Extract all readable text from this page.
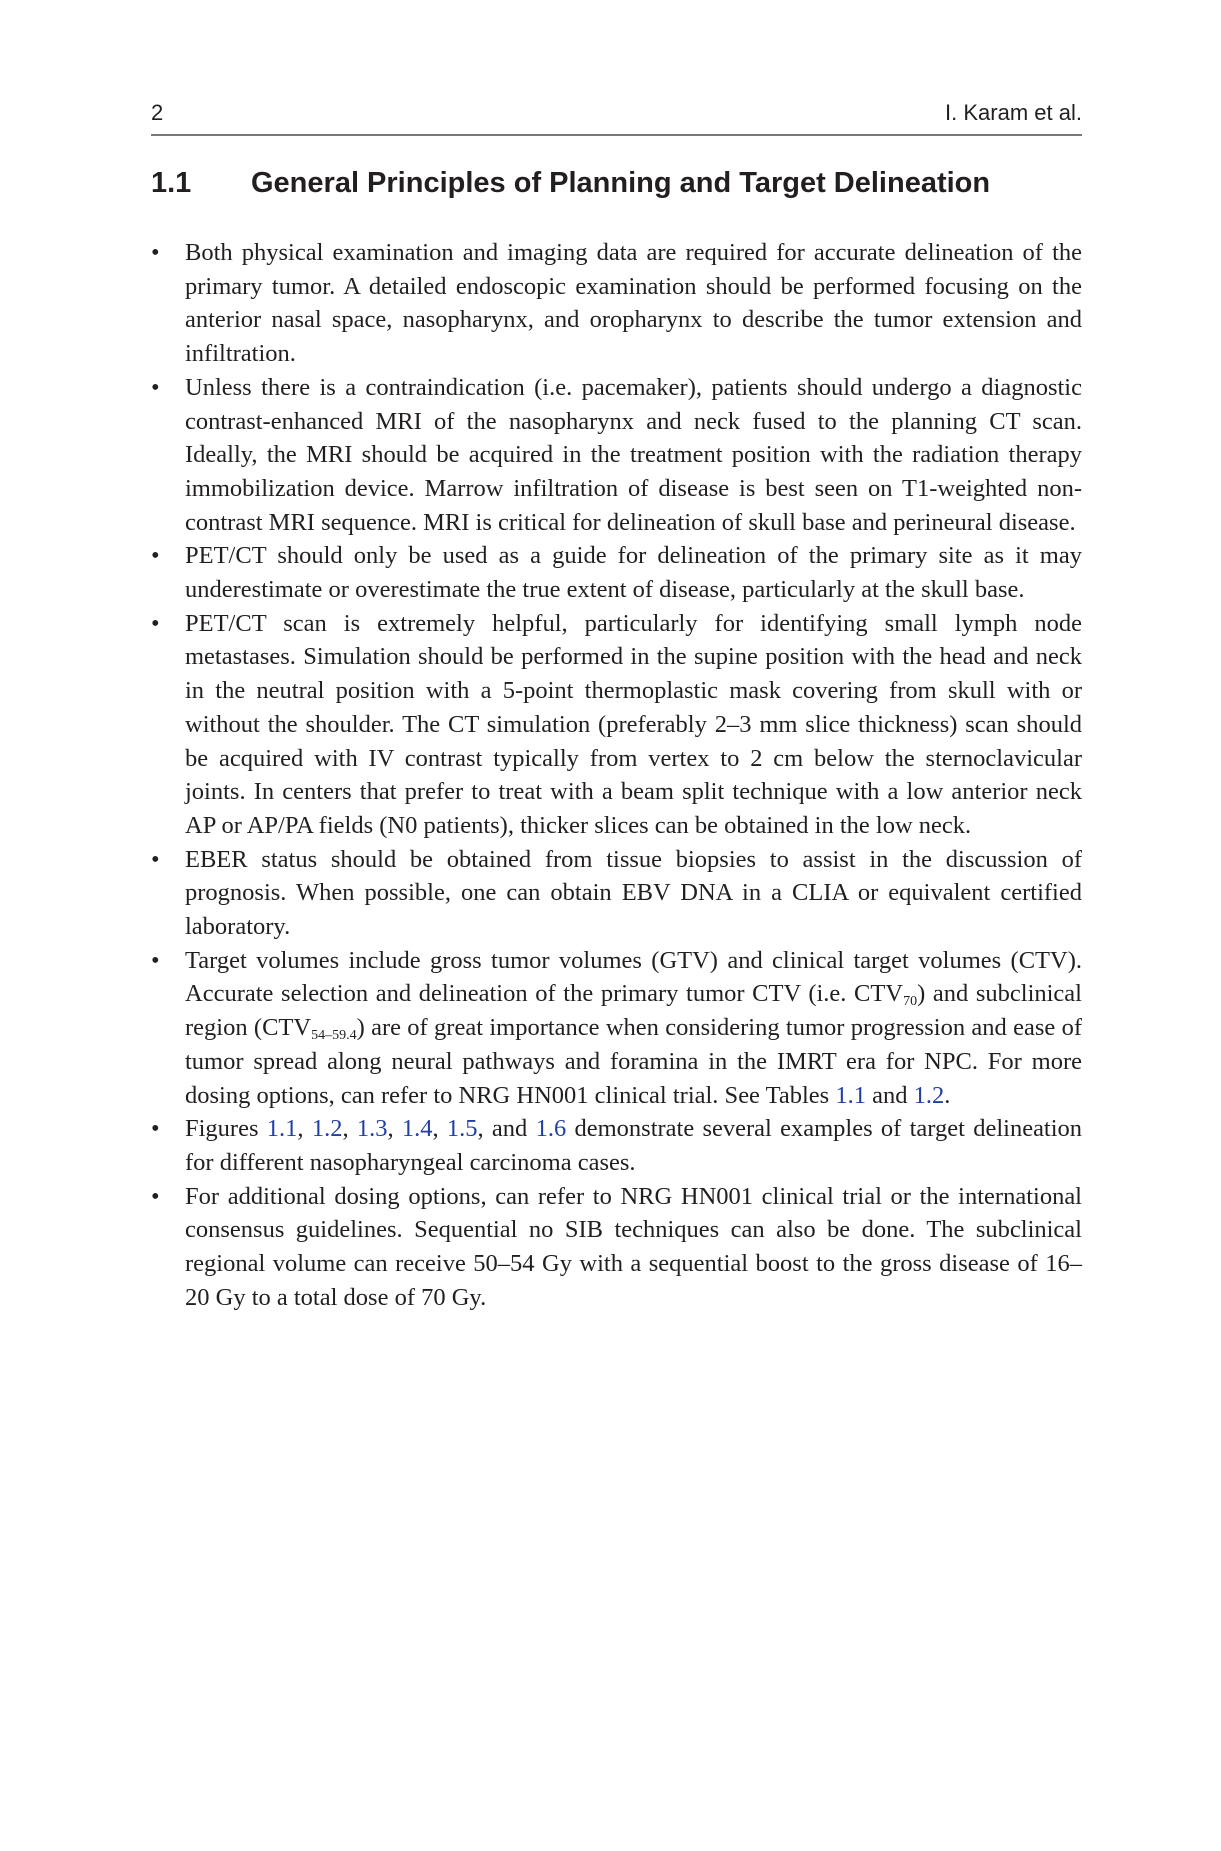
2	I. Karam et al.
1.1 General Principles of Planning and Target Delineation
•	Both physical examination and imaging data are required for accurate delineation of the primary tumor. A detailed endoscopic examination should be performed focusing on the anterior nasal space, nasopharynx, and oropharynx to describe the tumor extension and infiltration.
•	Unless there is a contraindication (i.e. pacemaker), patients should undergo a diagnostic contrast-enhanced MRI of the nasopharynx and neck fused to the planning CT scan. Ideally, the MRI should be acquired in the treatment position with the radiation therapy immobilization device. Marrow infiltration of disease is best seen on T1-weighted non-contrast MRI sequence. MRI is critical for delineation of skull base and perineural disease.
•	PET/CT should only be used as a guide for delineation of the primary site as it may underestimate or overestimate the true extent of disease, particularly at the skull base.
•	PET/CT scan is extremely helpful, particularly for identifying small lymph node metastases. Simulation should be performed in the supine position with the head and neck in the neutral position with a 5-point thermoplastic mask covering from skull with or without the shoulder. The CT simulation (preferably 2–3 mm slice thickness) scan should be acquired with IV contrast typically from vertex to 2 cm below the sternoclavicular joints. In centers that prefer to treat with a beam split technique with a low anterior neck AP or AP/PA fields (N0 patients), thicker slices can be obtained in the low neck.
•	EBER status should be obtained from tissue biopsies to assist in the discussion of prognosis. When possible, one can obtain EBV DNA in a CLIA or equivalent certified laboratory.
•	Target volumes include gross tumor volumes (GTV) and clinical target volumes (CTV). Accurate selection and delineation of the primary tumor CTV (i.e. $CTV_{70}$) and subclinical region $(CTV_{54-59.4})$ are of great importance when considering tumor progression and ease of tumor spread along neural pathways and foramina in the IMRT era for NPC. For more dosing options, can refer to NRG HN001 clinical trial. See Tables 1.1 and 1.2.
•	Figures 1.1, 1.2, 1.3, 1.4, 1.5, and 1.6 demonstrate several examples of target delineation for different nasopharyngeal carcinoma cases.
•	For additional dosing options, can refer to NRG HN001 clinical trial or the international consensus guidelines. Sequential no SIB techniques can also be done. The subclinical regional volume can receive 50–54 Gy with a sequential boost to the gross disease of 16–20 Gy to a total dose of 70 Gy.
